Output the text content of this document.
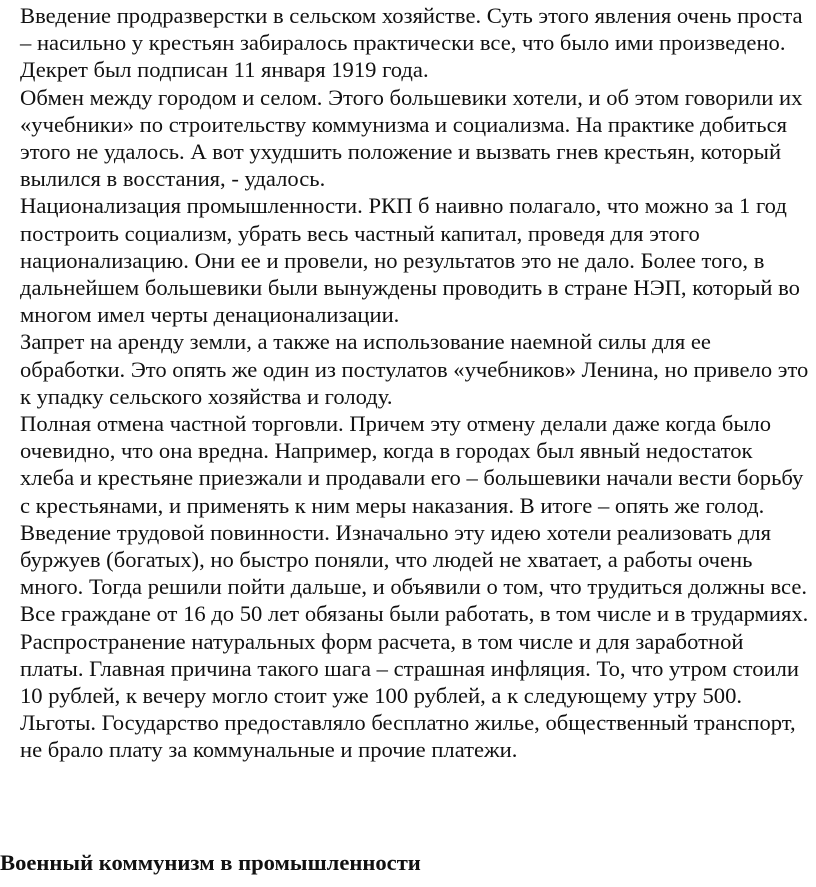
Введение продразверстки в сельском хозяйстве. Суть этого явления очень проста – насильно у крестьян забиралось практически все, что было ими произведено. Декрет был подписан 11 января 1919 года.

Обмен между городом и селом. Этого большевики хотели, и об этом говорили их «учебники» по строительству коммунизма и социализма. На практике добиться этого не удалось. А вот ухудшить положение и вызвать гнев крестьян, который вылился в восстания, - удалось.

Национализация промышленности. РКП б наивно полагало, что можно за 1 год построить социализм, убрать весь частный капитал, проведя для этого национализацию. Они ее и провели, но результатов это не дало. Более того, в дальнейшем большевики были вынуждены проводить в стране НЭП, который во многом имел черты денационализации.

Запрет на аренду земли, а также на использование наемной силы для ее обработки. Это опять же один из постулатов «учебников» Ленина, но привело это к упадку сельского хозяйства и голоду.

Полная отмена частной торговли. Причем эту отмену делали даже когда было очевидно, что она вредна. Например, когда в городах был явный недостаток хлеба и крестьяне приезжали и продавали его – большевики начали вести борьбу с крестьянами, и применять к ним меры наказания. В итоге – опять же голод.

Введение трудовой повинности. Изначально эту идею хотели реализовать для буржуев (богатых), но быстро поняли, что людей не хватает, а работы очень много. Тогда решили пойти дальше, и объявили о том, что трудиться должны все. Все граждане от 16 до 50 лет обязаны были работать, в том числе и в трудармиях.

Распространение натуральных форм расчета, в том числе и для заработной платы. Главная причина такого шага – страшная инфляция. То, что утром стоили 10 рублей, к вечеру могло стоит уже 100 рублей, а к следующему утру 500.

Льготы. Государство предоставляло бесплатно жилье, общественный транспорт, не брало плату за коммунальные и прочие платежи.

Военный коммунизм в промышленности
